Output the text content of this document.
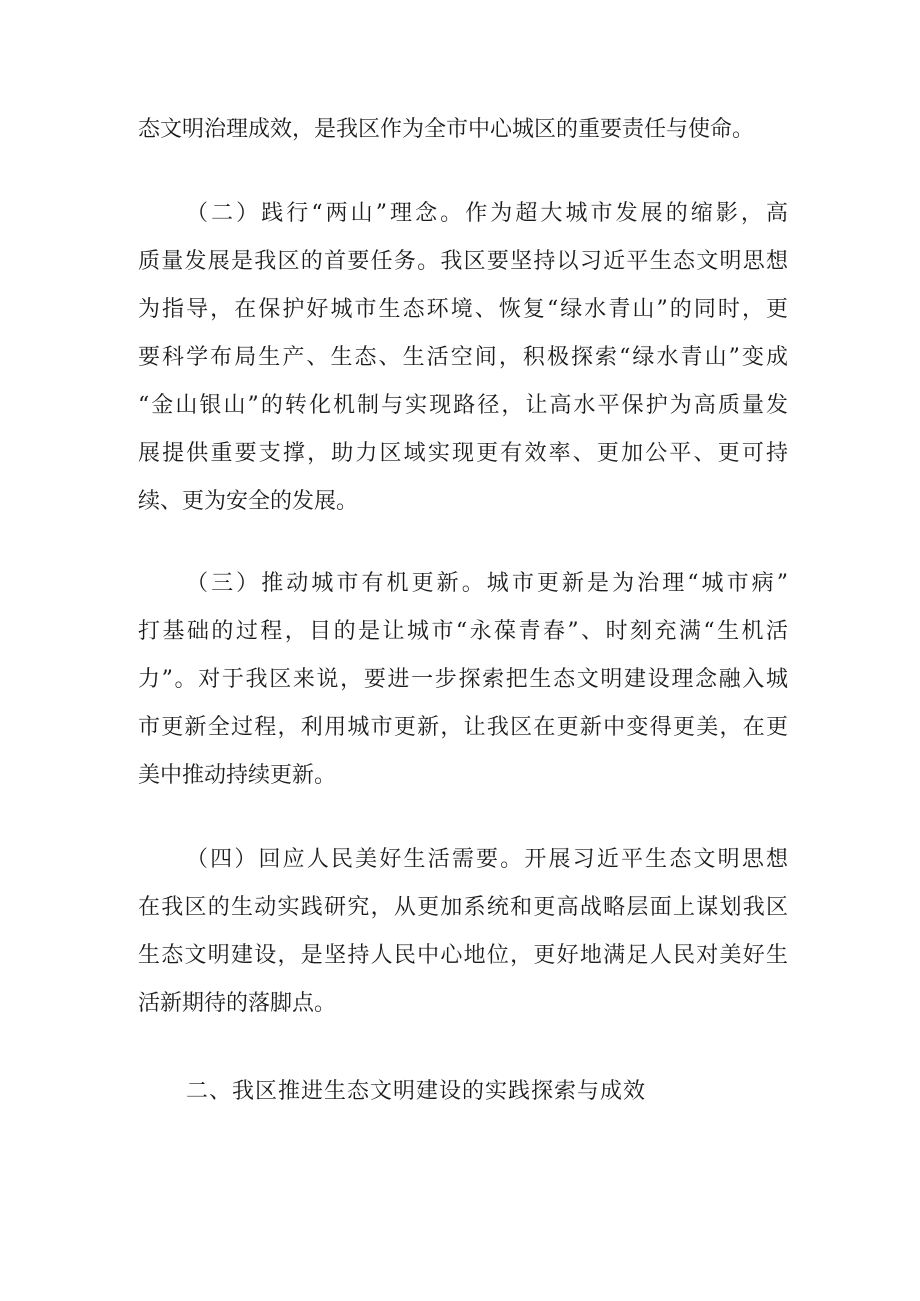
态文明治理成效，是我区作为全市中心城区的重要责任与使命。

（二）践行“两山”理念。作为超大城市发展的缩影，高

质量发展是我区的首要任务。我区要坚持以习近平生态文明思想

为指导，在保护好城市生态环境、恢复“绿水青山”的同时，更

要科学布局生产、生态、生活空间，积极探索“绿水青山”变成

“金山银山”的转化机制与实现路径，让高水平保护为高质量发

展提供重要支撑，助力区域实现更有效率、更加公平、更可持

续、更为安全的发展。

（三）推动城市有机更新。城市更新是为治理“城市病”

打基础的过程，目的是让城市“永葆青春”、时刻充满“生机活

力”。对于我区来说，要进一步探索把生态文明建设理念融入城

市更新全过程，利用城市更新，让我区在更新中变得更美，在更

美中推动持续更新。

（四）回应人民美好生活需要。开展习近平生态文明思想

在我区的生动实践研究，从更加系统和更高战略层面上谋划我区

生态文明建设，是坚持人民中心地位，更好地满足人民对美好生

活新期待的落脚点。

二、我区推进生态文明建设的实践探索与成效
